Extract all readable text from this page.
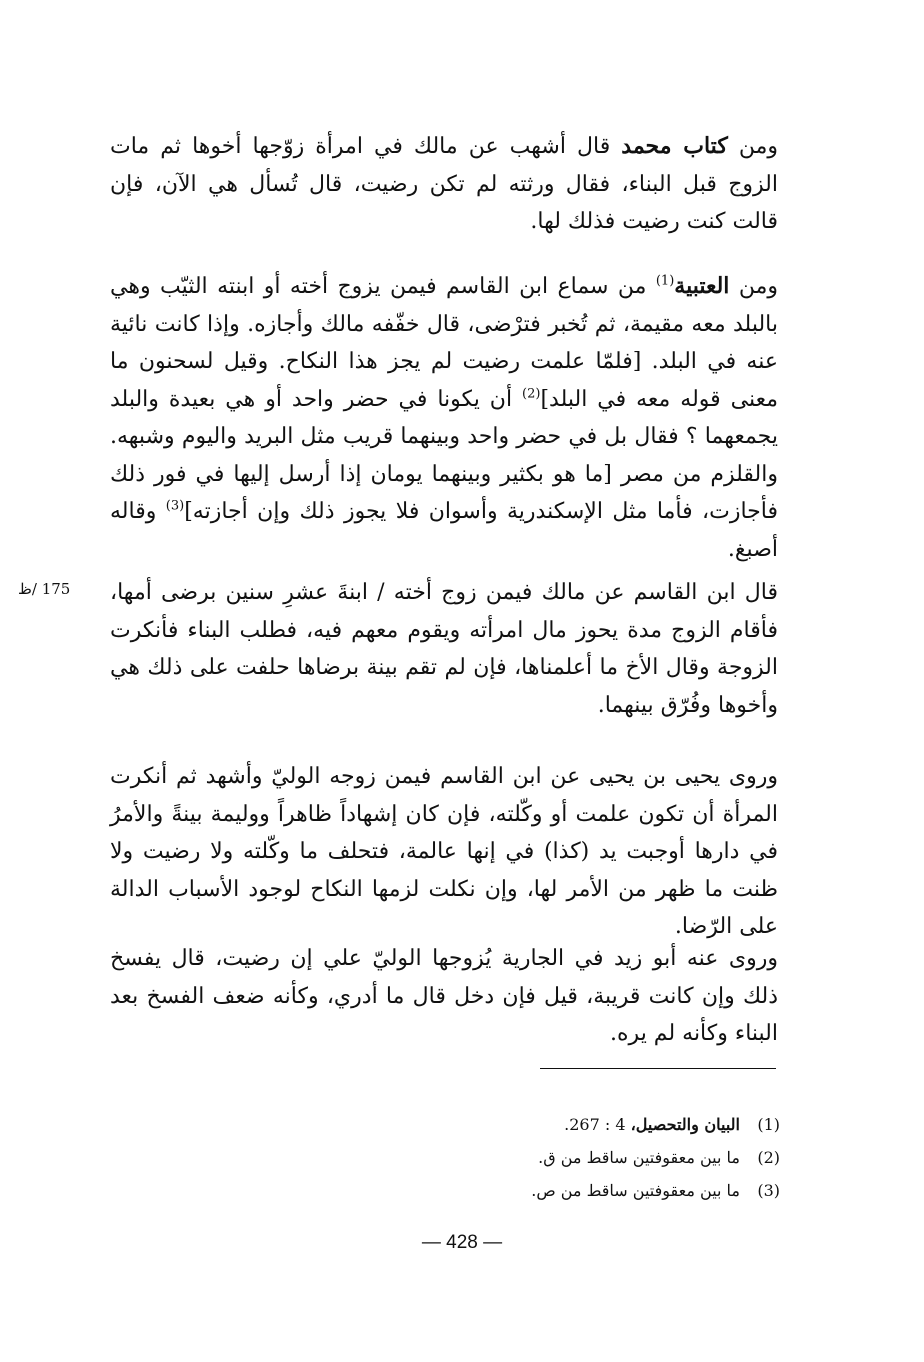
ومن كتاب محمد قال أشهب عن مالك في امرأة زوّجها أخوها ثم مات الزوج قبل البناء، فقال ورثته لم تكن رضيت، قال تُسأل هي الآن، فإن قالت كنت رضيت فذلك لها.

ومن العتبية$^{(1)}$ من سماع ابن القاسم فيمن يزوج أخته أو ابنته الثيّب وهي بالبلد معه مقيمة، ثم تُخبر فترْضى، قال خفّفه مالك وأجازه. وإذا كانت نائية عنه في البلد. [فلمّا علمت رضيت لم يجز هذا النكاح. وقيل لسحنون ما معنى قوله معه في البلد]$^{(2)}$ أن يكونا في حضر واحد أو هي بعيدة والبلد يجمعهما ؟ فقال بل في حضر واحد وبينهما قريب مثل البريد واليوم وشبهه. والقلزم من مصر [ما هو بكثير وبينهما يومان إذا أرسل إليها في فور ذلك فأجازت، فأما مثل الإسكندرية وأسوان فلا يجوز ذلك وإن أجازته]$^{(3)}$ وقاله أصبغ.

175 /ظ	قال ابن القاسم عن مالك فيمن زوج أخته / ابنةَ عشرِ سنين برضى أمها، فأقام الزوج مدة يحوز مال امرأته ويقوم معهم فيه، فطلب البناء فأنكرت الزوجة وقال الأخ ما أعلمناها، فإن لم تقم بينة برضاها حلفت على ذلك هي وأخوها وفُرّق بينهما.

وروى يحيى بن يحيى عن ابن القاسم فيمن زوجه الوليّ وأشهد ثم أنكرت المرأة أن تكون علمت أو وكّلته، فإن كان إشهاداً ظاهراً ووليمة بينةً والأمرُ في دارها أوجبت يد (كذا) في إنها عالمة، فتحلف ما وكّلته ولا رضيت ولا ظنت ما ظهر من الأمر لها، وإن نكلت لزمها النكاح لوجود الأسباب الدالة على الرّضا.

وروى عنه أبو زيد في الجارية يُزوجها الوليّ علي إن رضيت، قال يفسخ ذلك وإن كانت قريبة، قيل فإن دخل قال ما أدري، وكأنه ضعف الفسخ بعد البناء وكأنه لم يره.

(1)
البيان والتحصيل، 4 : 267.
(2)
ما بين معقوفتين ساقط من ق.
(3)
ما بين معقوفتين ساقط من ص.
— 428 —
